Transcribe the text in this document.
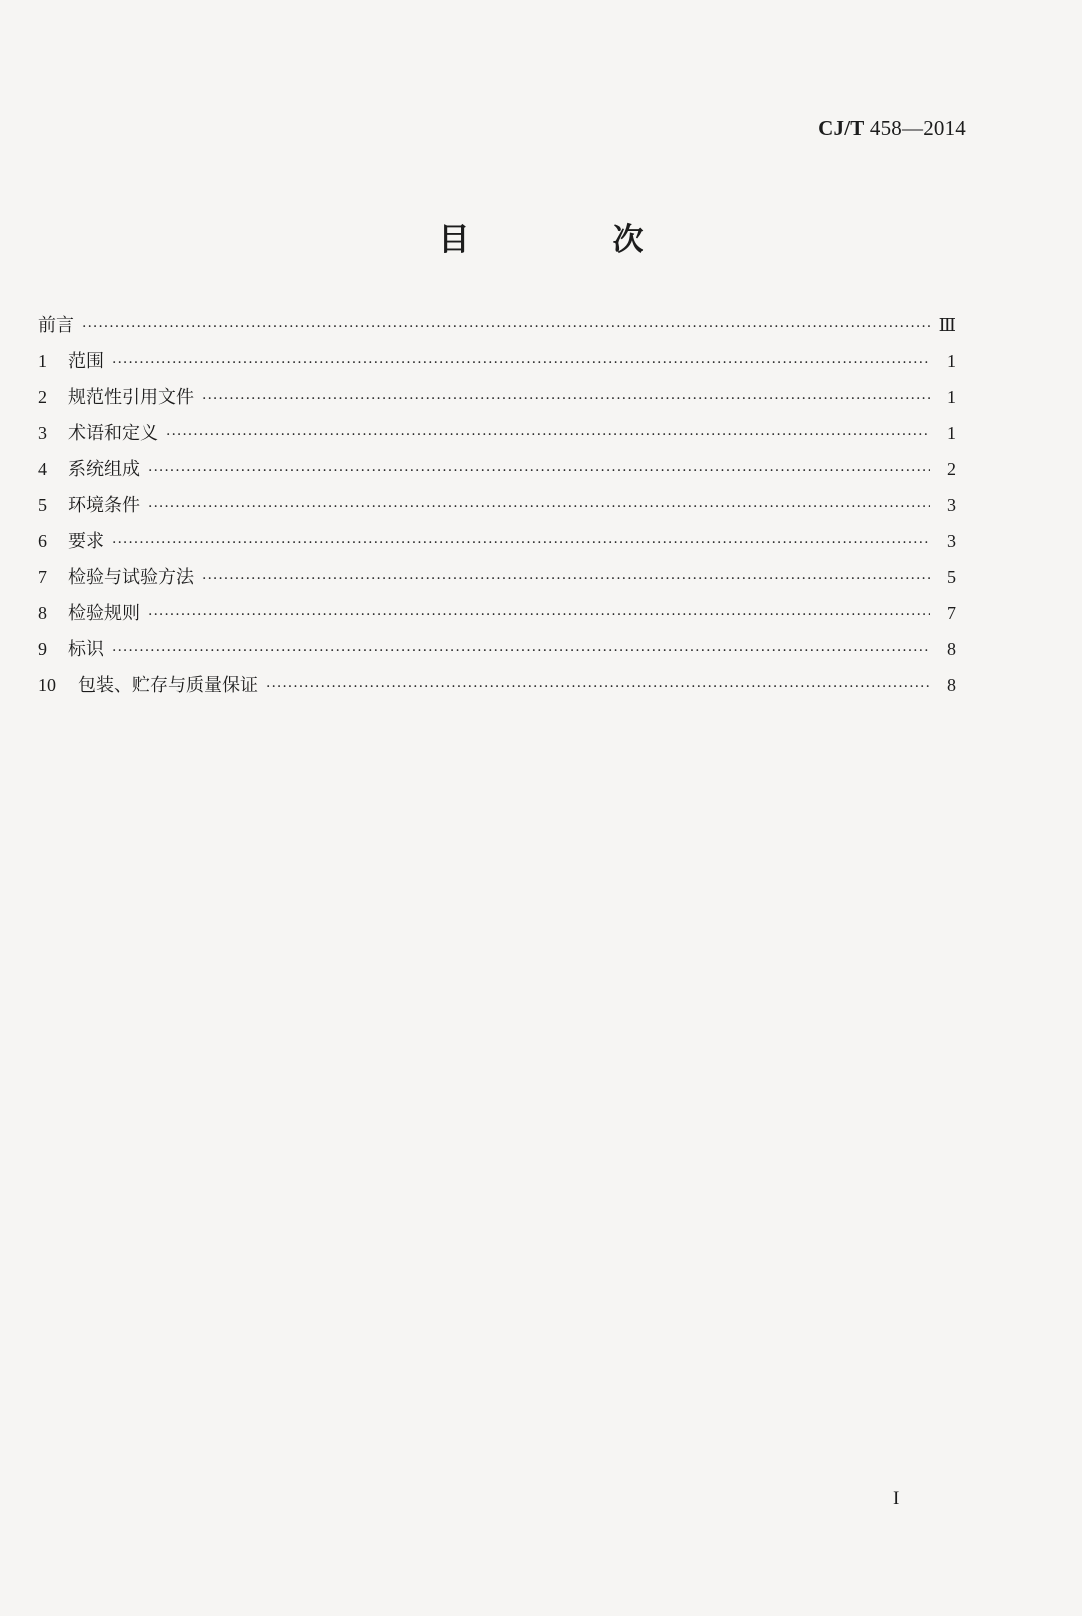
CJ/T 458—2014
目　次
前言 ·····	Ⅲ
1	范围 ·····	1
2	规范性引用文件 ·····	1
3	术语和定义 ·····	1
4	系统组成 ·····	2
5	环境条件 ·····	3
6	要求 ·····	3
7	检验与试验方法 ·····	5
8	检验规则 ·····	7
9	标识 ·····	8
10	包装、贮存与质量保证 ·····	8
I
